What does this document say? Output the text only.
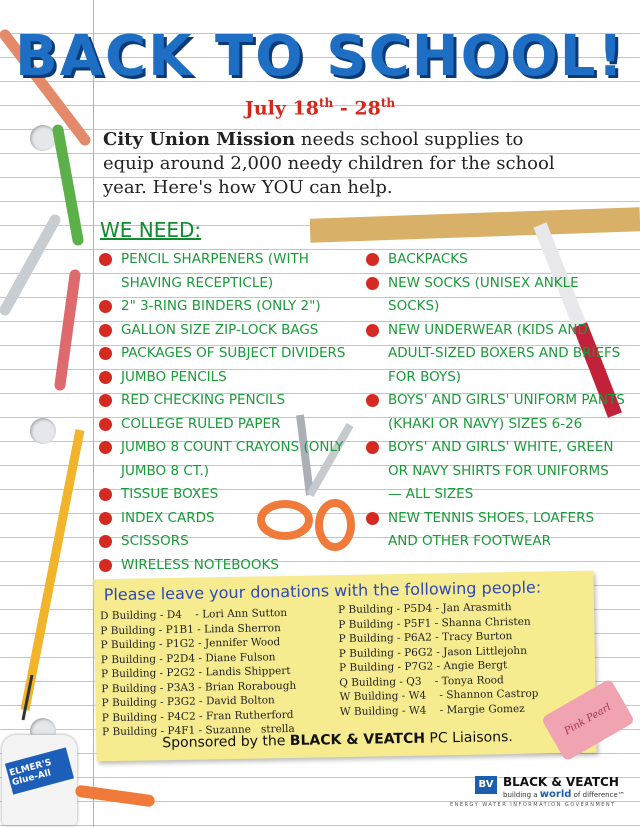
BACK TO SCHOOL!
July 18th - 28th

City Union Mission needs school supplies to equip around 2,000 needy children for the school year. Here's how YOU can help.

WE NEED:
PENCIL SHARPENERS (WITH SHAVING RECEPTICLE)
2" 3-RING BINDERS (ONLY 2")
GALLON SIZE ZIP-LOCK BAGS
PACKAGES OF SUBJECT DIVIDERS
JUMBO PENCILS
RED CHECKING PENCILS
COLLEGE RULED PAPER
JUMBO 8 COUNT CRAYONS (ONLY JUMBO 8 CT.)
TISSUE BOXES
INDEX CARDS
SCISSORS
WIRELESS NOTEBOOKS
BACKPACKS
NEW SOCKS (UNISEX ANKLE SOCKS)
NEW UNDERWEAR (KIDS AND ADULT-SIZED BOXERS AND BRIEFS FOR BOYS)
BOYS' AND GIRLS' UNIFORM PANTS (KHAKI OR NAVY) SIZES 6-26
BOYS' AND GIRLS' WHITE, GREEN OR NAVY SHIRTS FOR UNIFORMS — ALL SIZES
NEW TENNIS SHOES, LOAFERS AND OTHER FOOTWEAR
Please leave your donations with the following people:
D Building - D4    - Lori Ann Sutton
P Building - P1B1 - Linda Sherron
P Building - P1G2 - Jennifer Wood
P Building - P2D4 - Diane Fulson
P Building - P2G2 - Landis Shippert
P Building - P3A3 - Brian Rorabough
P Building - P3G2 - David Bolton
P Building - P4C2 - Fran Rutherford
P Building - P4F1 - Suzanne   strella
P Building - P5D4 - Jan Arasmith
P Building - P5F1 - Shanna Christen
P Building - P6A2 - Tracy Burton
P Building - P6G2 - Jason Littlejohn
P Building - P7G2 - Angie Bergt
Q Building - Q3    - Tonya Rood
W Building - W4    - Shannon Castrop
W Building - W4    - Margie Gomez
Sponsored by the BLACK & VEATCH PC Liaisons.
ELMER'S Glue-All
Pink Pearl
BV BLACK & VEATCH
building a world of difference™
ENERGY WATER INFORMATION GOVERNMENT
